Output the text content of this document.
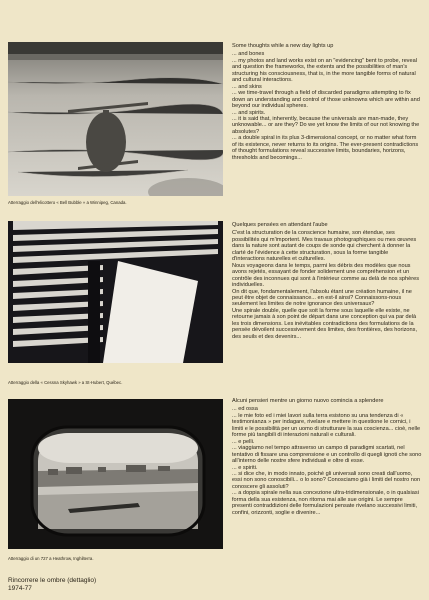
Atterraggio dell'elicottero « Bell Bubble » a Winnipeg, Canada.
Atterraggio della « Cessna Skyhawk » a St-Hubert, Québec.
Atterraggio di un 727 a Heathrow, Inghilterra.
Some thoughts while a new day lights up
... and bones
... my photos and land works exist on an "evidencing" bent to probe, reveal and question the frameworks, the extents and the possibilities of man's structuring his consciousness, that is, in the more tangible forms of natural and cultural interactions.
... and skins
... we time-travel through a field of discarded paradigms attempting to fix down an understanding and control of those unknowns which are within and beyond our individual spheres.
... and spirits.
... it is said that, inherently, because the universals are man-made, they unknowable... or are they? Do we yet know the limits of our not knowing the absolutes?
... a double spiral in its plus 3-dimensional concept, or no matter what form of its existence, never returns to its origins. The ever-present contradictions of thought formulations reveal successive limits, boundaries, horizons, thresholds and becomings...
Quelques pensées en attendant l'aube
C'est la structuration de la conscience humaine, son étendue, ses possibilités qui m'importent. Mes travaux photographiques ou mes œuvres dans la nature sont autant de coups de sonde qui cherchent à donner la clarté de l'évidence à cette structuration, sous la forme tangible d'interactions naturelles et culturelles.
Nous voyageons dans le temps, parmi les débris des modèles que nous avons rejetés, essayant de fonder solidement une compréhension et un contrôle des inconnues qui sont à l'intérieur comme au delà de nos sphères individuelles.
On dit que, fondamentalement, l'absolu étant une création humaine, il ne peut être objet de connaissance... en est-il ainsi? Connaissons-nous seulement les limites de notre ignorance des universaux?
Une spirale double, quelle que soit la forme sous laquelle elle existe, ne retourne jamais à son point de départ dans une conception qui va par delà les trois dimensions. Les inévitables contradictions des formulations de la pensée dévoilent successivement des limites, des frontières, des horizons, des seuils et des devenirs...
Alcuni pensieri mentre un giorno nuovo comincia a splendere
... ed ossa
... le mie foto ed i miei lavori sulla terra esistono su una tendenza di « testimonianza » per indagare, rivelare e mettere in questione le cornici, i limiti e le possibilità per un uomo di strutturare la sua coscienza... cioè, nelle forme più tangibili di interazioni naturali e culturali.
... e pelli.
... viaggiamo nel tempo attraverso un campo di paradigmi scartati, nel tentativo di fissare una comprensione e un controllo di quegli ignoti che sono all'interno delle nostre sfere individuali e oltre di esse.
... e spiriti.
... si dice che, in modo innato, poiché gli universali sono creati dall'uomo, essi non sono conoscibili... o lo sono? Conosciamo già i limiti del nostro non conoscere gli assoluti?
... a doppia spirale nella sua concezione ultra-tridimensionale, o in qualsiasi forma della sua esistenza, non ritorna mai alle sue origini. Le sempre presenti contraddizioni delle formulazioni pensate rivelano successivi limiti, confini, orizzonti, soglie e divenire...
Rincorrere le ombre (dettaglio)
1974-77
